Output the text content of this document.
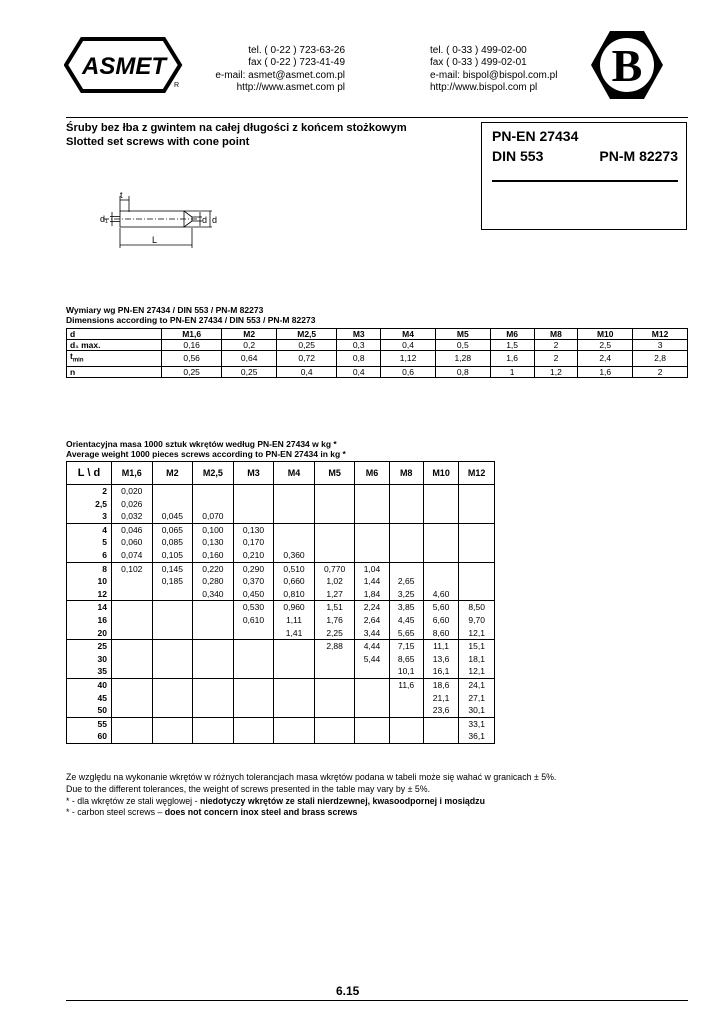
ASMET
R
tel. ( 0-22 ) 723-63-26
fax ( 0-22 ) 723-41-49
e-mail: asmet@asmet.com.pl
http://www.asmet.com pl
tel. ( 0-33 ) 499-02-00
fax ( 0-33 ) 499-02-01
e-mail: bispol@bispol.com.pl
http://www.bispol.com pl	B
Śruby bez łba z gwintem na całej długości z końcem stożkowym
Slotted set screws with cone point	PN-EN 27434
DIN 553	PN-M 82273
t
d₁	d d
L
Wymiary wg PN-EN 27434 / DIN 553 / PN-M 82273
Dimensions according to PN-EN 27434 / DIN 553 / PN-M 82273
d	M1,6	M2	M2,5	M3	M4	M5	M6	M8	M10	M12
d₁ max.	0,16	0,2	0,25	0,3	0,4	0,5	1,5	2	2,5	3
$t_{min}$	0,56	0,64	0,72	0,8	1,12	1,28	1,6	2	2,4	2,8
n	0,25	0,25	0,4	0,4	0,6	0,8	1	1,2	1,6	2
Orientacyjna masa 1000 sztuk wkrętów według PN-EN 27434 w kg *
Average weight 1000 pieces screws according to PN-EN 27434 in kg *
L \ d	M1,6	M2	M2,5	M3	M4	M5	M6	M8	M10	M12
2	0,020									
2,5	0,026									
3	0,032	0,045	0,070							
4	0,046	0,065	0,100	0,130						
5	0,060	0,085	0,130	0,170						
6	0,074	0,105	0,160	0,210	0,360					
8	0,102	0,145	0,220	0,290	0,510	0,770	1,04			
10		0,185	0,280	0,370	0,660	1,02	1,44	2,65		
12			0,340	0,450	0,810	1,27	1,84	3,25	4,60	
14				0,530	0,960	1,51	2,24	3,85	5,60	8,50
16				0,610	1,11	1,76	2,64	4,45	6,60	9,70
20					1,41	2,25	3,44	5,65	8,60	12,1
25						2,88	4,44	7,15	11,1	15,1
30							5,44	8,65	13,6	18,1
35								10,1	16,1	12,1
40								11,6	18,6	24,1
45									21,1	27,1
50									23,6	30,1
55										33,1
60										36,1
Ze względu na wykonanie wkrętów w różnych tolerancjach masa wkrętów podana w tabeli może się wahać w granicach ± 5%.
Due to the different tolerances, the weight of screws presented in the table may vary by ± 5%.
* - dla wkrętów ze stali węglowej - niedotyczy wkrętów ze stali nierdzewnej, kwasoodpornej i mosiądzu
* - carbon steel screws – does not concern inox steel and brass screws
6.15
